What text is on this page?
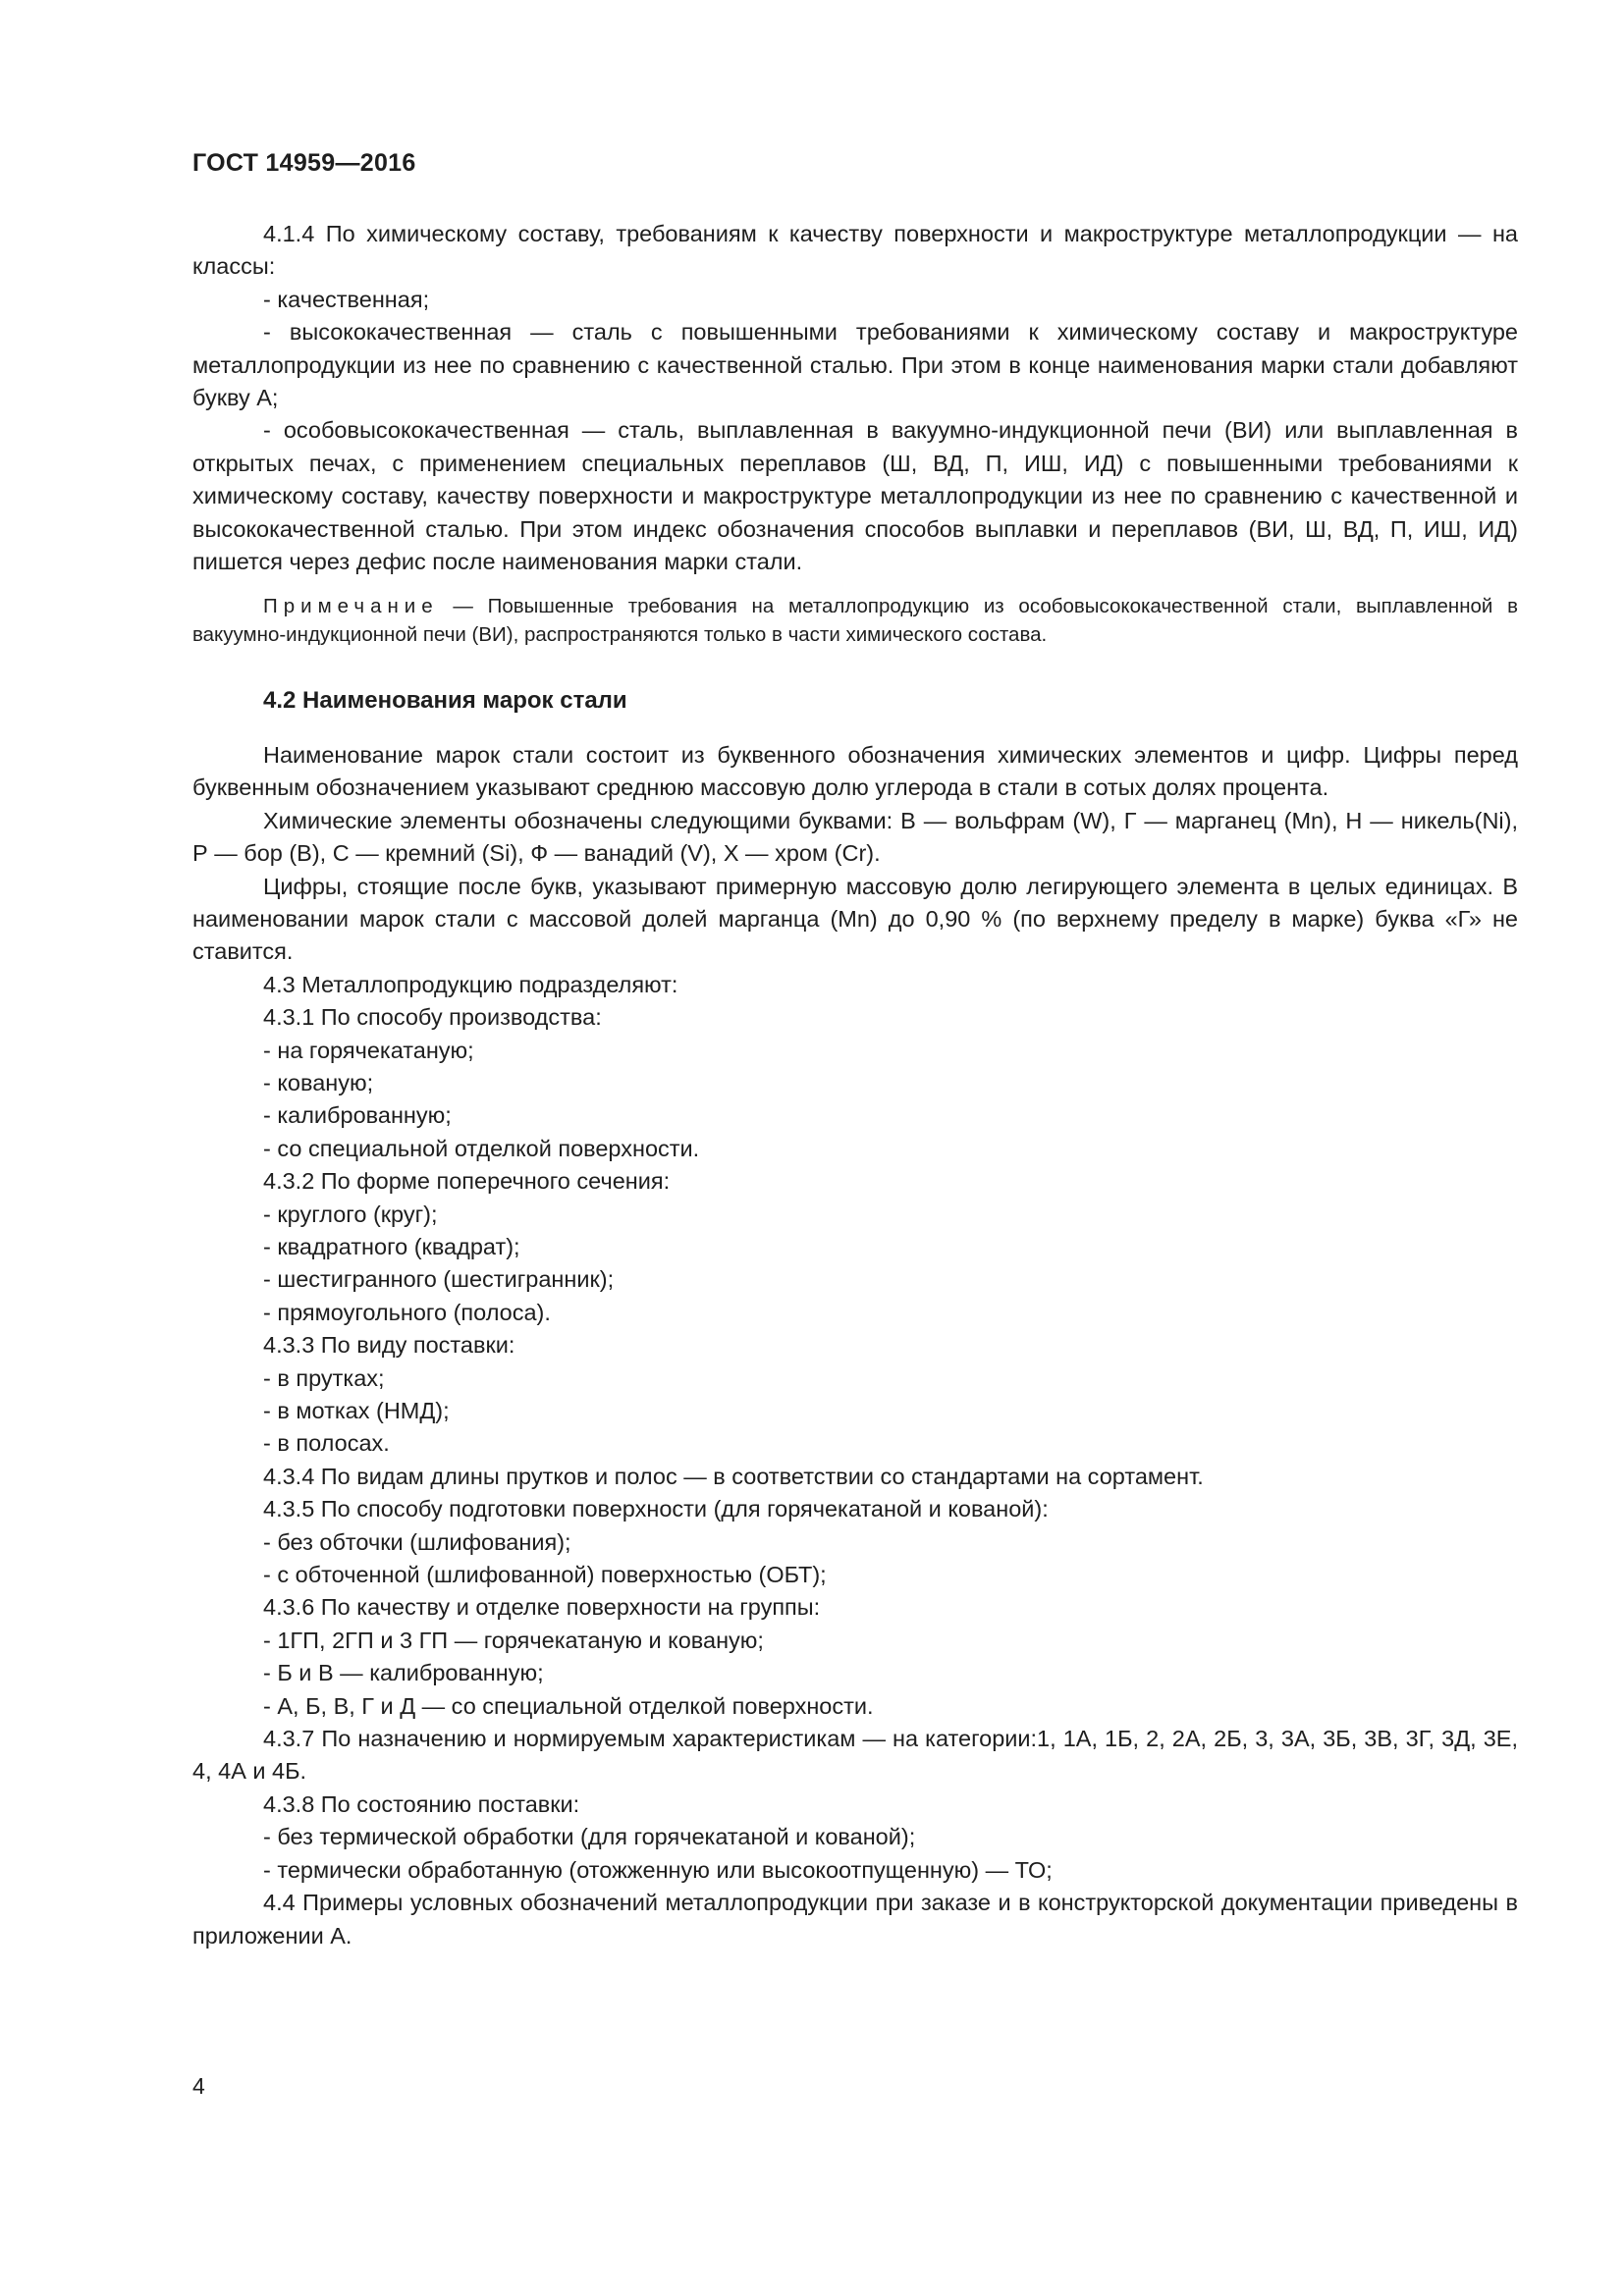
ГОСТ 14959—2016

4.1.4 По химическому составу, требованиям к качеству поверхности и макроструктуре металлопродукции — на классы:

- качественная;

- высококачественная — сталь с повышенными требованиями к химическому составу и макроструктуре металлопродукции из нее по сравнению с качественной сталью. При этом в конце наименования марки стали добавляют букву А;

- особовысококачественная — сталь, выплавленная в вакуумно-индукционной печи (ВИ) или выплавленная в открытых печах, с применением специальных переплавов (Ш, ВД, П, ИШ, ИД) с повышенными требованиями к химическому составу, качеству поверхности и макроструктуре металлопродукции из нее по сравнению с качественной и высококачественной сталью. При этом индекс обозначения способов выплавки и переплавов (ВИ, Ш, ВД, П, ИШ, ИД) пишется через дефис после наименования марки стали.

Примечание — Повышенные требования на металлопродукцию из особовысококачественной стали, выплавленной в вакуумно-индукционной печи (ВИ), распространяются только в части химического состава.

4.2 Наименования марок стали

Наименование марок стали состоит из буквенного обозначения химических элементов и цифр. Цифры перед буквенным обозначением указывают среднюю массовую долю углерода в стали в сотых долях процента.

Химические элементы обозначены следующими буквами: В — вольфрам (W), Г — марганец (Mn), Н — никель(Ni), Р — бор (B), С — кремний (Si), Ф — ванадий (V), Х — хром (Cr).

Цифры, стоящие после букв, указывают примерную массовую долю легирующего элемента в целых единицах. В наименовании марок стали с массовой долей марганца (Mn) до 0,90 % (по верхнему пределу в марке) буква «Г» не ставится.

4.3 Металлопродукцию подразделяют:

4.3.1 По способу производства:

- на горячекатаную;

- кованую;

- калиброванную;

- со специальной отделкой поверхности.

4.3.2 По форме поперечного сечения:

- круглого (круг);

- квадратного (квадрат);

- шестигранного (шестигранник);

- прямоугольного (полоса).

4.3.3 По виду поставки:

- в прутках;

- в мотках (НМД);

- в полосах.

4.3.4 По видам длины прутков и полос — в соответствии со стандартами на сортамент.

4.3.5 По способу подготовки поверхности (для горячекатаной и кованой):

- без обточки (шлифования);

- с обточенной (шлифованной) поверхностью (ОБТ);

4.3.6 По качеству и отделке поверхности на группы:

- 1ГП, 2ГП и 3 ГП — горячекатаную и кованую;

- Б и В — калиброванную;

- А, Б, В, Г и Д — со специальной отделкой поверхности.

4.3.7 По назначению и нормируемым характеристикам — на категории:1, 1А, 1Б, 2, 2А, 2Б, 3, 3А, 3Б, 3В, 3Г, 3Д, 3Е, 4, 4А и 4Б.

4.3.8 По состоянию поставки:

- без термической обработки (для горячекатаной и кованой);

- термически обработанную (отожженную или высокоотпущенную) — ТО;

4.4 Примеры условных обозначений металлопродукции при заказе и в конструкторской документации приведены в приложении А.

4
